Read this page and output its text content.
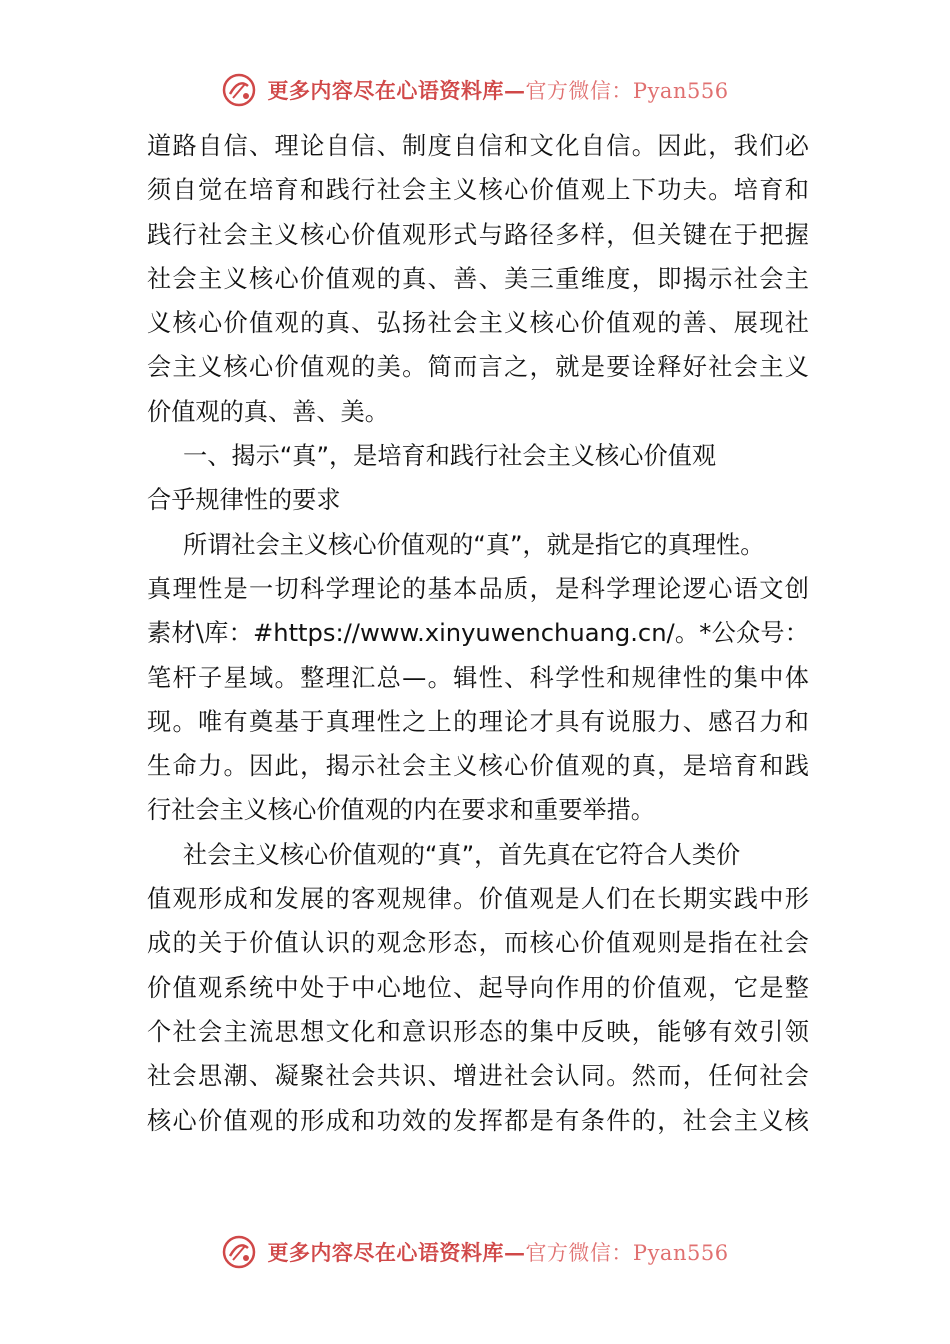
更多内容尽在心语资料库—官方微信：Pyan556
道路自信、理论自信、制度自信和文化自信。因此，我们必
须自觉在培育和践行社会主义核心价值观上下功夫。培育和
践行社会主义核心价值观形式与路径多样，但关键在于把握
社会主义核心价值观的真、善、美三重维度，即揭示社会主
义核心价值观的真、弘扬社会主义核心价值观的善、展现社
会主义核心价值观的美。简而言之，就是要诠释好社会主义
价值观的真、善、美。
一、揭示“真”，是培育和践行社会主义核心价值观
合乎规律性的要求
所谓社会主义核心价值观的“真”，就是指它的真理性。
真理性是一切科学理论的基本品质，是科学理论逻心语文创
素材\库：#https://www.xinyuwenchuang.cn/。*公众号：
笔杆子星域。整理汇总—。辑性、科学性和规律性的集中体
现。唯有奠基于真理性之上的理论才具有说服力、感召力和
生命力。因此，揭示社会主义核心价值观的真，是培育和践
行社会主义核心价值观的内在要求和重要举措。
社会主义核心价值观的“真”，首先真在它符合人类价
值观形成和发展的客观规律。价值观是人们在长期实践中形
成的关于价值认识的观念形态，而核心价值观则是指在社会
价值观系统中处于中心地位、起导向作用的价值观，它是整
个社会主流思想文化和意识形态的集中反映，能够有效引领
社会思潮、凝聚社会共识、增进社会认同。然而，任何社会
核心价值观的形成和功效的发挥都是有条件的，社会主义核
更多内容尽在心语资料库—官方微信：Pyan556
